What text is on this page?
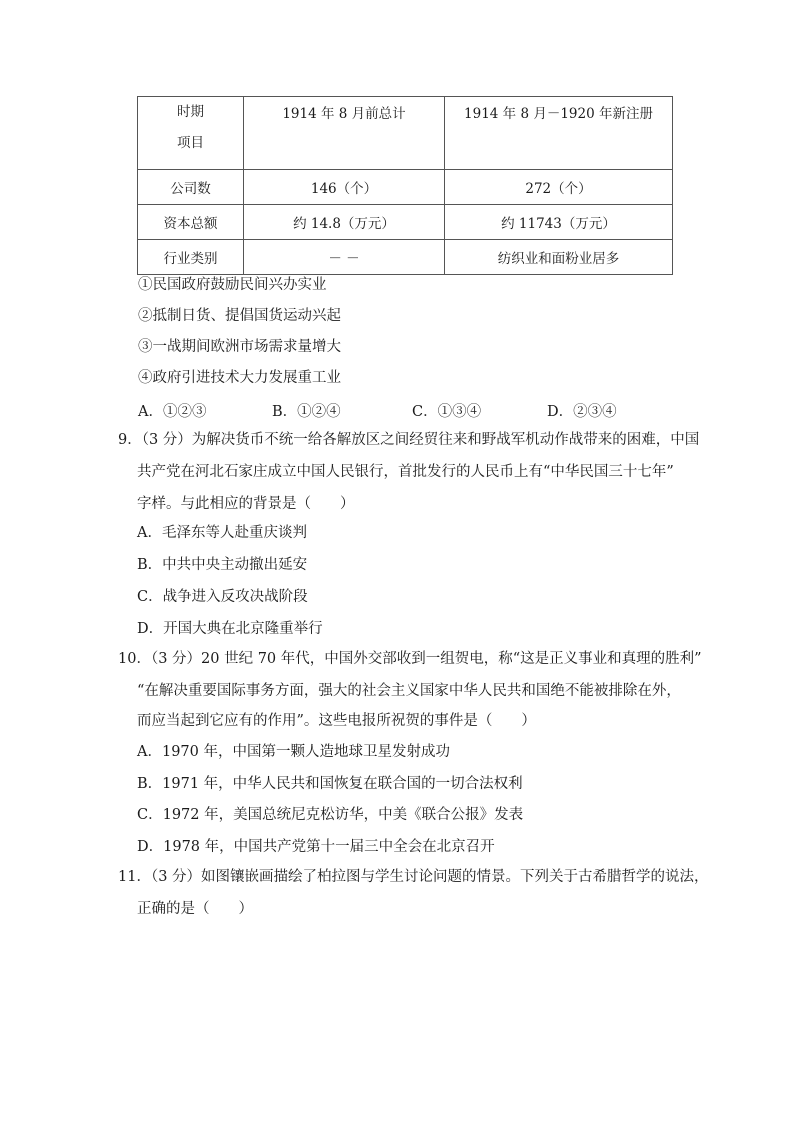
时期
项目	1914 年 8 月前总计	1914 年 8 月－1920 年新注册
公司数	146（个）	272（个）
资本总额	约 14.8（万元）	约 11743（万元）
行业类别	－ －	纺织业和面粉业居多
①民国政府鼓励民间兴办实业
②抵制日货、提倡国货运动兴起
③一战期间欧洲市场需求量增大
④政府引进技术大力发展重工业
A．①②③	B．①②④	C．①③④	D．②③④
9．（3 分）为解决货币不统一给各解放区之间经贸往来和野战军机动作战带来的困难，中国
共产党在河北石家庄成立中国人民银行，首批发行的人民币上有“中华民国三十七年”
字样。与此相应的背景是（　　）
A．毛泽东等人赴重庆谈判
B．中共中央主动撤出延安
C．战争进入反攻决战阶段
D．开国大典在北京隆重举行
10．（3 分）20 世纪 70 年代，中国外交部收到一组贺电，称“这是正义事业和真理的胜利”
“在解决重要国际事务方面，强大的社会主义国家中华人民共和国绝不能被排除在外，
而应当起到它应有的作用”。这些电报所祝贺的事件是（　　）
A．1970 年，中国第一颗人造地球卫星发射成功
B．1971 年，中华人民共和国恢复在联合国的一切合法权利
C．1972 年，美国总统尼克松访华，中美《联合公报》发表
D．1978 年，中国共产党第十一届三中全会在北京召开
11．（3 分）如图镶嵌画描绘了柏拉图与学生讨论问题的情景。下列关于古希腊哲学的说法，
正确的是（　　）
